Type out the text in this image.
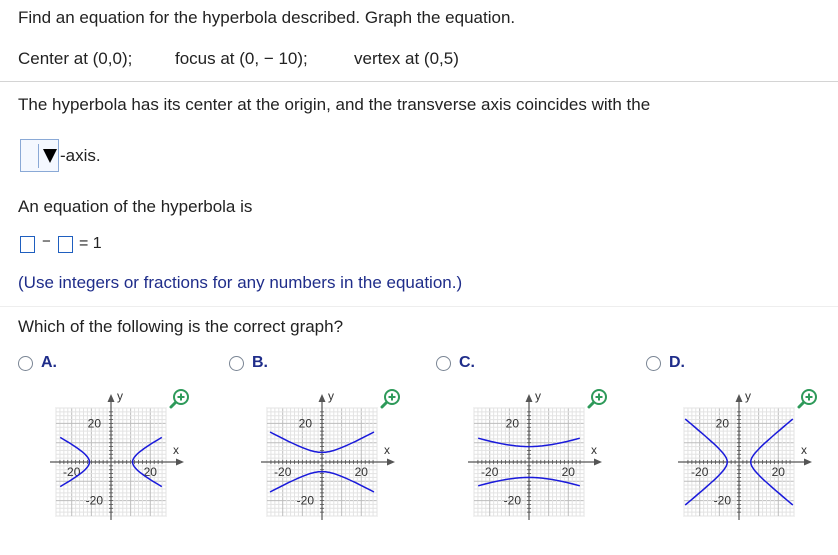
Find an equation for the hyperbola described. Graph the equation.
Center at (0,0);	focus at (0, − 10);	vertex at (0,5)
The hyperbola has its center at the origin, and the transverse axis coincides with the
-axis.
An equation of the hyperbola is
− = 1
(Use integers or fractions for any numbers in the equation.)
Which of the following is the correct graph?
A.	B.	C.	D.
y
x
20
-20
-20	20
y
x
20
-20
-20	20
y
x
20
-20
-20	20
y
x
20
-20
-20	20
